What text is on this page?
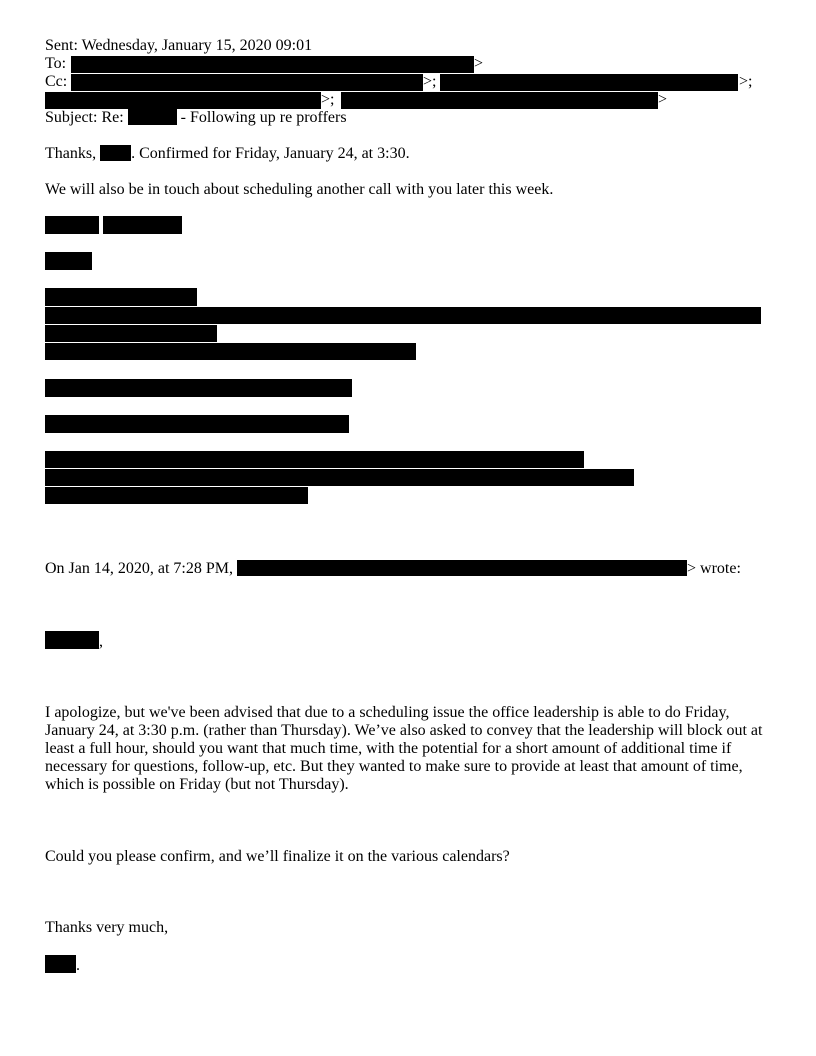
Sent: Wednesday, January 15, 2020 09:01
To:	>
Cc:	>;	>;
>;	>
Subject: Re:	- Following up re proffers
Thanks, . Confirmed for Friday, January 24, at 3:30.
We will also be in touch about scheduling another call with you later this week.
On Jan 14, 2020, at 7:28 PM,	> wrote:
,
I apologize, but we've been advised that due to a scheduling issue the office leadership is able to do Friday, January 24, at 3:30 p.m. (rather than Thursday). We’ve also asked to convey that the leadership will block out at least a full hour, should you want that much time, with the potential for a short amount of additional time if necessary for questions, follow-up, etc. But they wanted to make sure to provide at least that amount of time, which is possible on Friday (but not Thursday).
Could you please confirm, and we’ll finalize it on the various calendars?
Thanks very much,
.
